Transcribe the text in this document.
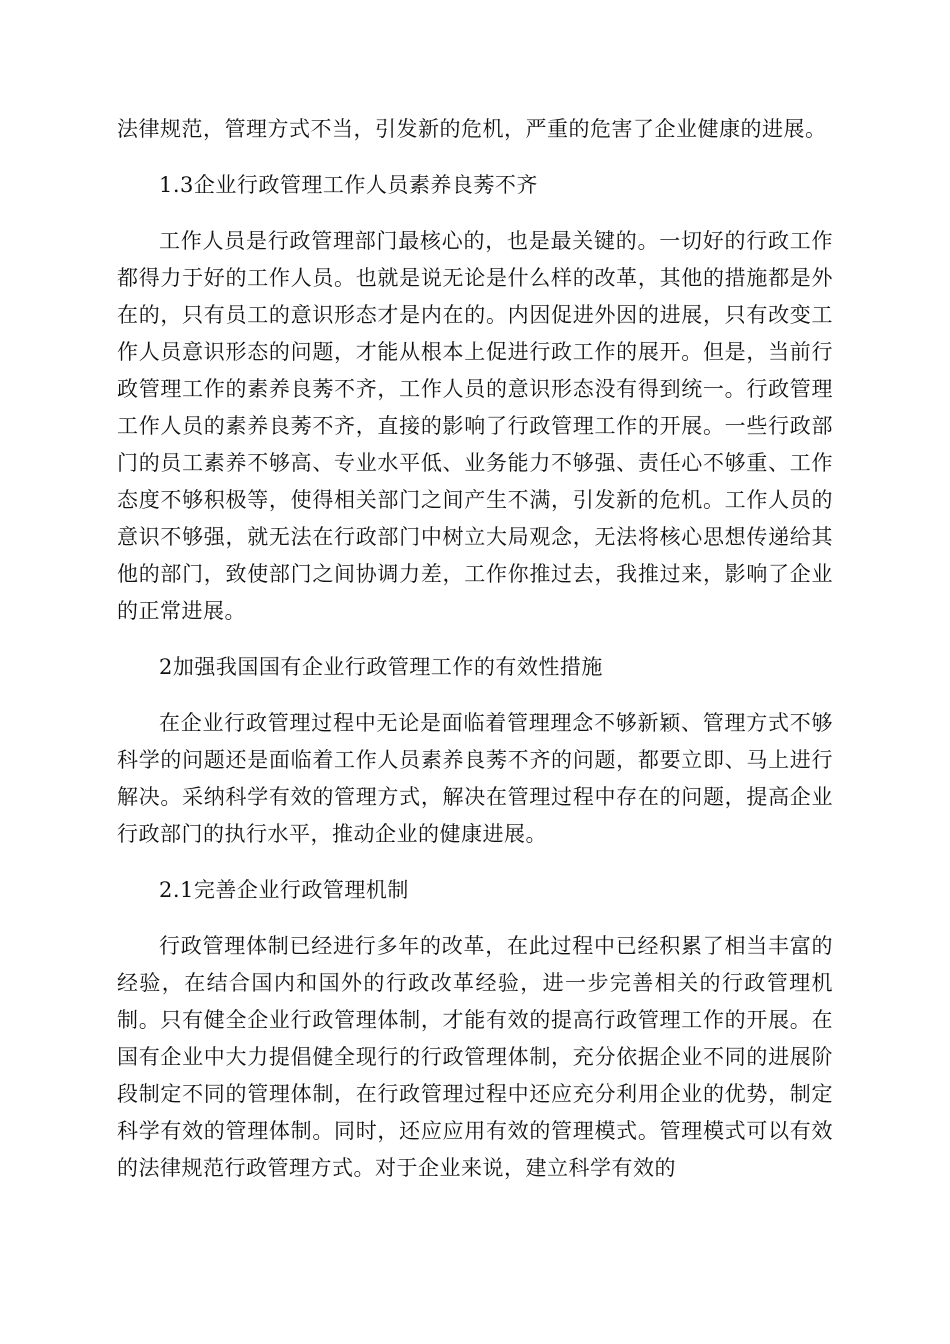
法律规范，管理方式不当，引发新的危机，严重的危害了企业健康的进展。

1.3企业行政管理工作人员素养良莠不齐

工作人员是行政管理部门最核心的，也是最关键的。一切好的行政工作都得力于好的工作人员。也就是说无论是什么样的改革，其他的措施都是外在的，只有员工的意识形态才是内在的。内因促进外因的进展，只有改变工作人员意识形态的问题，才能从根本上促进行政工作的展开。但是，当前行政管理工作的素养良莠不齐，工作人员的意识形态没有得到统一。行政管理工作人员的素养良莠不齐，直接的影响了行政管理工作的开展。一些行政部门的员工素养不够高、专业水平低、业务能力不够强、责任心不够重、工作态度不够积极等，使得相关部门之间产生不满，引发新的危机。工作人员的意识不够强，就无法在行政部门中树立大局观念，无法将核心思想传递给其他的部门，致使部门之间协调力差，工作你推过去，我推过来，影响了企业的正常进展。

2加强我国国有企业行政管理工作的有效性措施

在企业行政管理过程中无论是面临着管理理念不够新颖、管理方式不够科学的问题还是面临着工作人员素养良莠不齐的问题，都要立即、马上进行解决。采纳科学有效的管理方式，解决在管理过程中存在的问题，提高企业行政部门的执行水平，推动企业的健康进展。

2.1完善企业行政管理机制

行政管理体制已经进行多年的改革，在此过程中已经积累了相当丰富的经验，在结合国内和国外的行政改革经验，进一步完善相关的行政管理机制。只有健全企业行政管理体制，才能有效的提高行政管理工作的开展。在国有企业中大力提倡健全现行的行政管理体制，充分依据企业不同的进展阶段制定不同的管理体制，在行政管理过程中还应充分利用企业的优势，制定科学有效的管理体制。同时，还应应用有效的管理模式。管理模式可以有效的法律规范行政管理方式。对于企业来说，建立科学有效的
